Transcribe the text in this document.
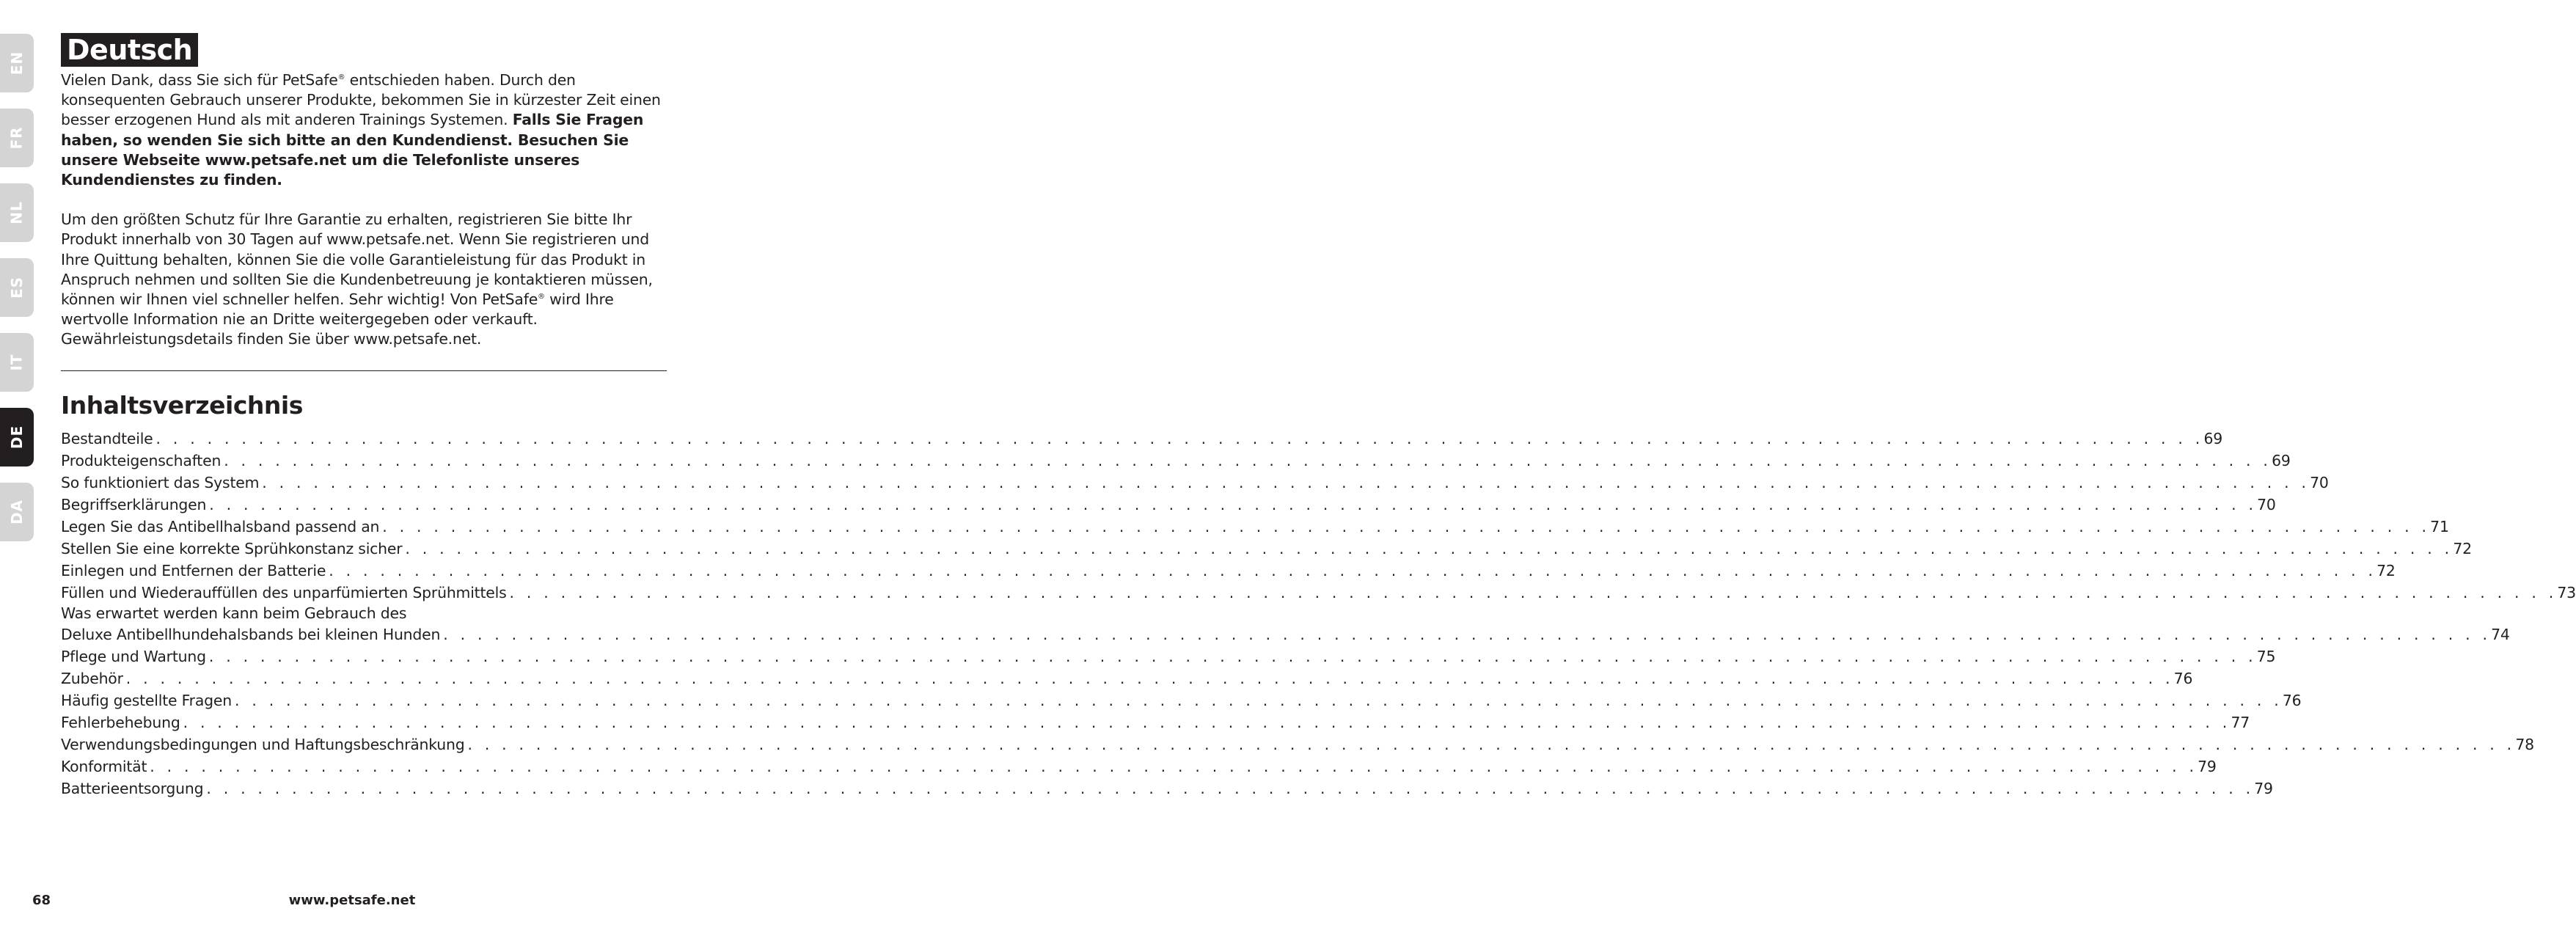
EN
FR
NL
ES
IT
DE
DA
Deutsch

Vielen Dank, dass Sie sich für PetSafe® entschieden haben. Durch den konsequenten Gebrauch unserer Produkte, bekommen Sie in kürzester Zeit einen besser erzogenen Hund als mit anderen Trainings Systemen. Falls Sie Fragen haben, so wenden Sie sich bitte an den Kundendienst. Besuchen Sie unsere Webseite www.petsafe.net um die Telefonliste unseres Kundendienstes zu finden.

Um den größten Schutz für Ihre Garantie zu erhalten, registrieren Sie bitte Ihr Produkt innerhalb von 30 Tagen auf www.petsafe.net. Wenn Sie registrieren und Ihre Quittung behalten, können Sie die volle Garantieleistung für das Produkt in Anspruch nehmen und sollten Sie die Kundenbetreuung je kontaktieren müssen, können wir Ihnen viel schneller helfen. Sehr wichtig! Von PetSafe® wird Ihre wertvolle Information nie an Dritte weitergegeben oder verkauft. Gewährleistungsdetails finden Sie über www.petsafe.net.

Inhaltsverzeichnis
Bestandteile . . . . . . . . . . . . . . . . . . . . . . . . . . . . . . . . . . . . . . . . . . . . . . . . . . . . . . . . . . . . . . . . . . . . . . . . . . . . . . . . . . . . . . . . . . . . . . . . . . . . . . . . . . . . . . . . . . . . . . . . 69
Produkteigenschaften . . . . . . . . . . . . . . . . . . . . . . . . . . . . . . . . . . . . . . . . . . . . . . . . . . . . . . . . . . . . . . . . . . . . . . . . . . . . . . . . . . . . . . . . . . . . . . . . . . . . . . . . . . . . . . . . . . . . . . . . 69
So funktioniert das System . . . . . . . . . . . . . . . . . . . . . . . . . . . . . . . . . . . . . . . . . . . . . . . . . . . . . . . . . . . . . . . . . . . . . . . . . . . . . . . . . . . . . . . . . . . . . . . . . . . . . . . . . . . . . . . . . . . . . . . . 70
Begriffserklärungen . . . . . . . . . . . . . . . . . . . . . . . . . . . . . . . . . . . . . . . . . . . . . . . . . . . . . . . . . . . . . . . . . . . . . . . . . . . . . . . . . . . . . . . . . . . . . . . . . . . . . . . . . . . . . . . . . . . . . . . . 70
Legen Sie das Antibellhalsband passend an . . . . . . . . . . . . . . . . . . . . . . . . . . . . . . . . . . . . . . . . . . . . . . . . . . . . . . . . . . . . . . . . . . . . . . . . . . . . . . . . . . . . . . . . . . . . . . . . . . . . . . . . . . . . . . . . . . . . . . . . 71
Stellen Sie eine korrekte Sprühkonstanz sicher . . . . . . . . . . . . . . . . . . . . . . . . . . . . . . . . . . . . . . . . . . . . . . . . . . . . . . . . . . . . . . . . . . . . . . . . . . . . . . . . . . . . . . . . . . . . . . . . . . . . . . . . . . . . . . . . . . . . . . . . 72
Einlegen und Entfernen der Batterie . . . . . . . . . . . . . . . . . . . . . . . . . . . . . . . . . . . . . . . . . . . . . . . . . . . . . . . . . . . . . . . . . . . . . . . . . . . . . . . . . . . . . . . . . . . . . . . . . . . . . . . . . . . . . . . . . . . . . . . . 72
Füllen und Wiederauffüllen des unparfümierten Sprühmittels . . . . . . . . . . . . . . . . . . . . . . . . . . . . . . . . . . . . . . . . . . . . . . . . . . . . . . . . . . . . . . . . . . . . . . . . . . . . . . . . . . . . . . . . . . . . . . . . . . . . . . . . . . . . . . . . . . . . . . . . 73
Was erwartet werden kann beim Gebrauch des
Deluxe Antibellhundehalsbands bei kleinen Hunden . . . . . . . . . . . . . . . . . . . . . . . . . . . . . . . . . . . . . . . . . . . . . . . . . . . . . . . . . . . . . . . . . . . . . . . . . . . . . . . . . . . . . . . . . . . . . . . . . . . . . . . . . . . . . . . . . . . . . . . . 74
Pflege und Wartung . . . . . . . . . . . . . . . . . . . . . . . . . . . . . . . . . . . . . . . . . . . . . . . . . . . . . . . . . . . . . . . . . . . . . . . . . . . . . . . . . . . . . . . . . . . . . . . . . . . . . . . . . . . . . . . . . . . . . . . . 75
Zubehör . . . . . . . . . . . . . . . . . . . . . . . . . . . . . . . . . . . . . . . . . . . . . . . . . . . . . . . . . . . . . . . . . . . . . . . . . . . . . . . . . . . . . . . . . . . . . . . . . . . . . . . . . . . . . . . . . . . . . . . . 76
Häufig gestellte Fragen . . . . . . . . . . . . . . . . . . . . . . . . . . . . . . . . . . . . . . . . . . . . . . . . . . . . . . . . . . . . . . . . . . . . . . . . . . . . . . . . . . . . . . . . . . . . . . . . . . . . . . . . . . . . . . . . . . . . . . . . 76
Fehlerbehebung . . . . . . . . . . . . . . . . . . . . . . . . . . . . . . . . . . . . . . . . . . . . . . . . . . . . . . . . . . . . . . . . . . . . . . . . . . . . . . . . . . . . . . . . . . . . . . . . . . . . . . . . . . . . . . . . . . . . . . . . 77
Verwendungsbedingungen und Haftungsbeschränkung . . . . . . . . . . . . . . . . . . . . . . . . . . . . . . . . . . . . . . . . . . . . . . . . . . . . . . . . . . . . . . . . . . . . . . . . . . . . . . . . . . . . . . . . . . . . . . . . . . . . . . . . . . . . . . . . . . . . . . . . 78
Konformität . . . . . . . . . . . . . . . . . . . . . . . . . . . . . . . . . . . . . . . . . . . . . . . . . . . . . . . . . . . . . . . . . . . . . . . . . . . . . . . . . . . . . . . . . . . . . . . . . . . . . . . . . . . . . . . . . . . . . . . . 79
Batterieentsorgung . . . . . . . . . . . . . . . . . . . . . . . . . . . . . . . . . . . . . . . . . . . . . . . . . . . . . . . . . . . . . . . . . . . . . . . . . . . . . . . . . . . . . . . . . . . . . . . . . . . . . . . . . . . . . . . . . . . . . . . . 79
68	www.petsafe.net
